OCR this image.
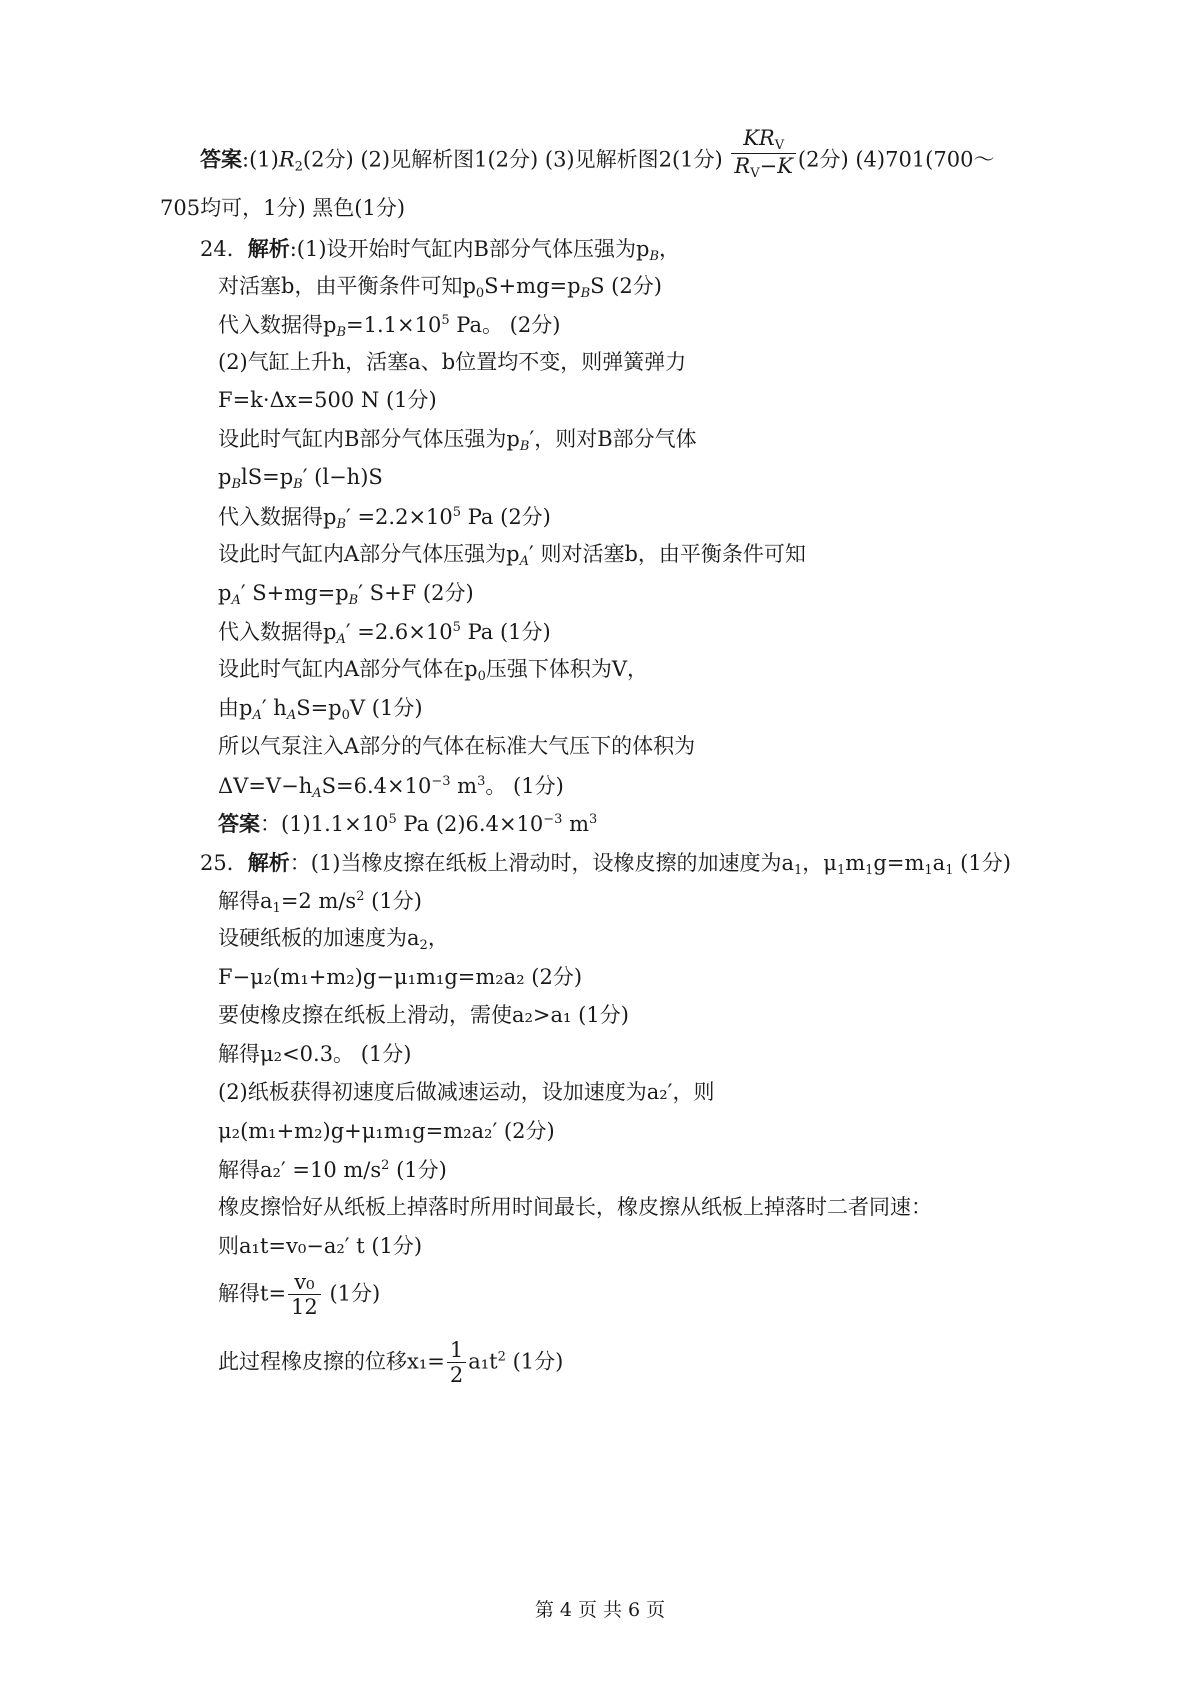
答案$:(1)R_2(2$分) (2)见解析图1(2分) (3)见解析图2(1分) $\frac{KR_V}{R_V-K} (2$分) (4)701(700～
705均可，1分) 黑色(1分)
24．解析:(1)设开始时气缸内B部分气体压强为$p_B$，
对活塞b，由平衡条件可知$p_0S+mg=p_BS$ (2分)
代入数据得$p_B=1.1\times 10^5$ Pa。 (2分)
(2)气缸上升h，活塞a、b位置均不变，则弹簧弹力
F=k·Δx=500 N (1分)
设此时气缸内B部分气体压强为$p_B'$，则对B部分气体
$p_BlS=p_B'$ (l−h)S
代入数据得$p_B' =2.2\times 10^5$ Pa (2分)
设此时气缸内A部分气体压强为$p_A'$ 则对活塞b，由平衡条件可知
$p_A'$ $S+mg=p_B'$ S+F (2分)
代入数据得$p_A' =2.6\times 10^5$ Pa (1分)
设此时气缸内A部分气体在$p_0$压强下体积为V，
由$p_A'$ $h_AS=p_0V$ (1分)
所以气泵注入A部分的气体在标准大气压下的体积为
$\Delta V=V-h_AS=6.4\times 10^{-3}$ $m^3$。 (1分)
答案：$(1)1.1\times 10^5$ Pa $(2)6.4\times 10^{-3}$ $m^3$
25．解析：(1)当橡皮擦在纸板上滑动时，设橡皮擦的加速度为$a_1$，$\mu_1m_1g=m_1a_1$ (1分)
解得$a_1=2$ $m/s^2$ (1分)
设硬纸板的加速度为$a_2$，
F−μ₂(m₁+m₂)g−μ₁m₁g=m₂a₂ (2分)
要使橡皮擦在纸板上滑动，需使a₂>a₁ (1分)
解得μ₂<0.3。 (1分)
(2)纸板获得初速度后做减速运动，设加速度为a₂′，则
μ₂(m₁+m₂)g+μ₁m₁g=m₂a₂′ (2分)
解得a₂′ =10 $m/s^2$ (1分)
橡皮擦恰好从纸板上掉落时所用时间最长，橡皮擦从纸板上掉落时二者同速：
则a₁t=v₀−a₂′ t (1分)
解得$t= \frac{\text{v₀}}{12} (1$分)
此过程橡皮擦的位移$x_1= \frac{1}{2} a_1t^2$ (1分)
第 4 页 共 6 页
